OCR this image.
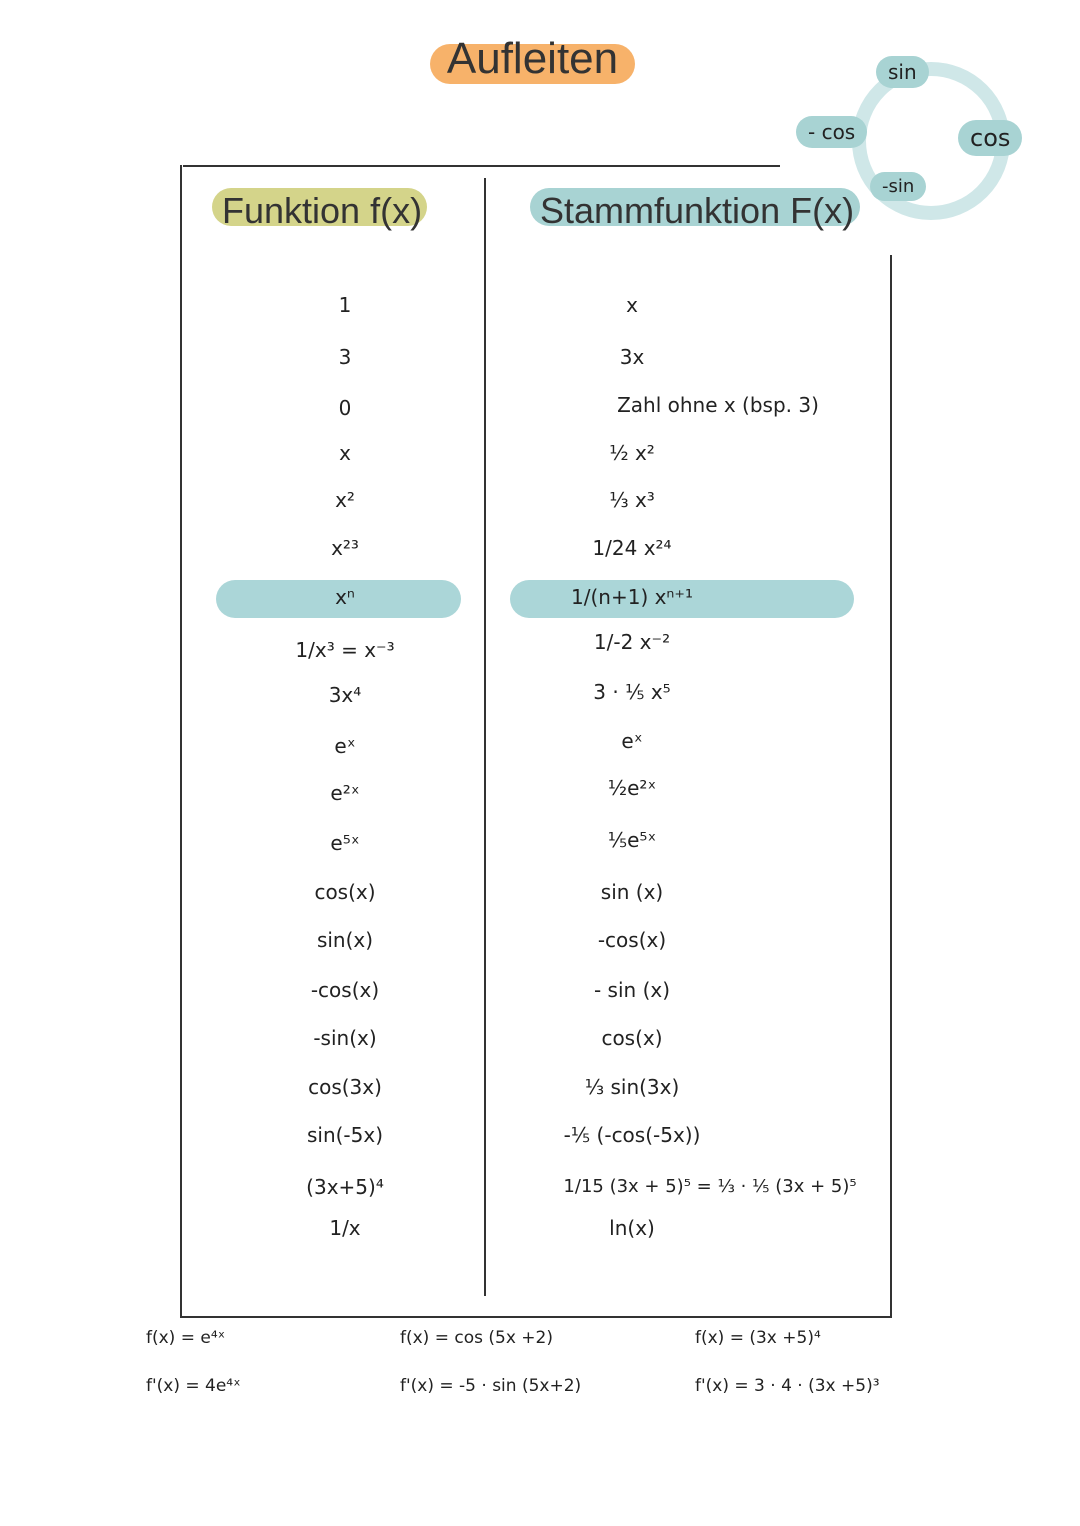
Aufleiten	sin
cos
-sin
- cos
Funktion f(x)	Stammfunktion F(x)
1
3
0
x
x²
x²³
xⁿ
1/x³ = x⁻³
3x⁴
eˣ
e²ˣ
e⁵ˣ
cos(x)
sin(x)
-cos(x)
-sin(x)
cos(3x)
sin(-5x)
(3x+5)⁴
1/x
x
3x
Zahl ohne x (bsp. 3)
½ x²
⅓ x³
1/24 x²⁴
1/(n+1) xⁿ⁺¹
1/-2 x⁻²
3 · ⅕ x⁵
eˣ
½e²ˣ
⅕e⁵ˣ
sin (x)
-cos(x)
- sin (x)
cos(x)
⅓ sin(3x)
-⅕ (-cos(-5x))
1/15 (3x + 5)⁵ = ⅓ · ⅕ (3x + 5)⁵
ln(x)
f(x) = e⁴ˣ
f'(x) = 4e⁴ˣ
f(x) = cos (5x +2)
f'(x) = -5 · sin (5x+2)
f(x) = (3x +5)⁴
f'(x) = 3 · 4 · (3x +5)³
